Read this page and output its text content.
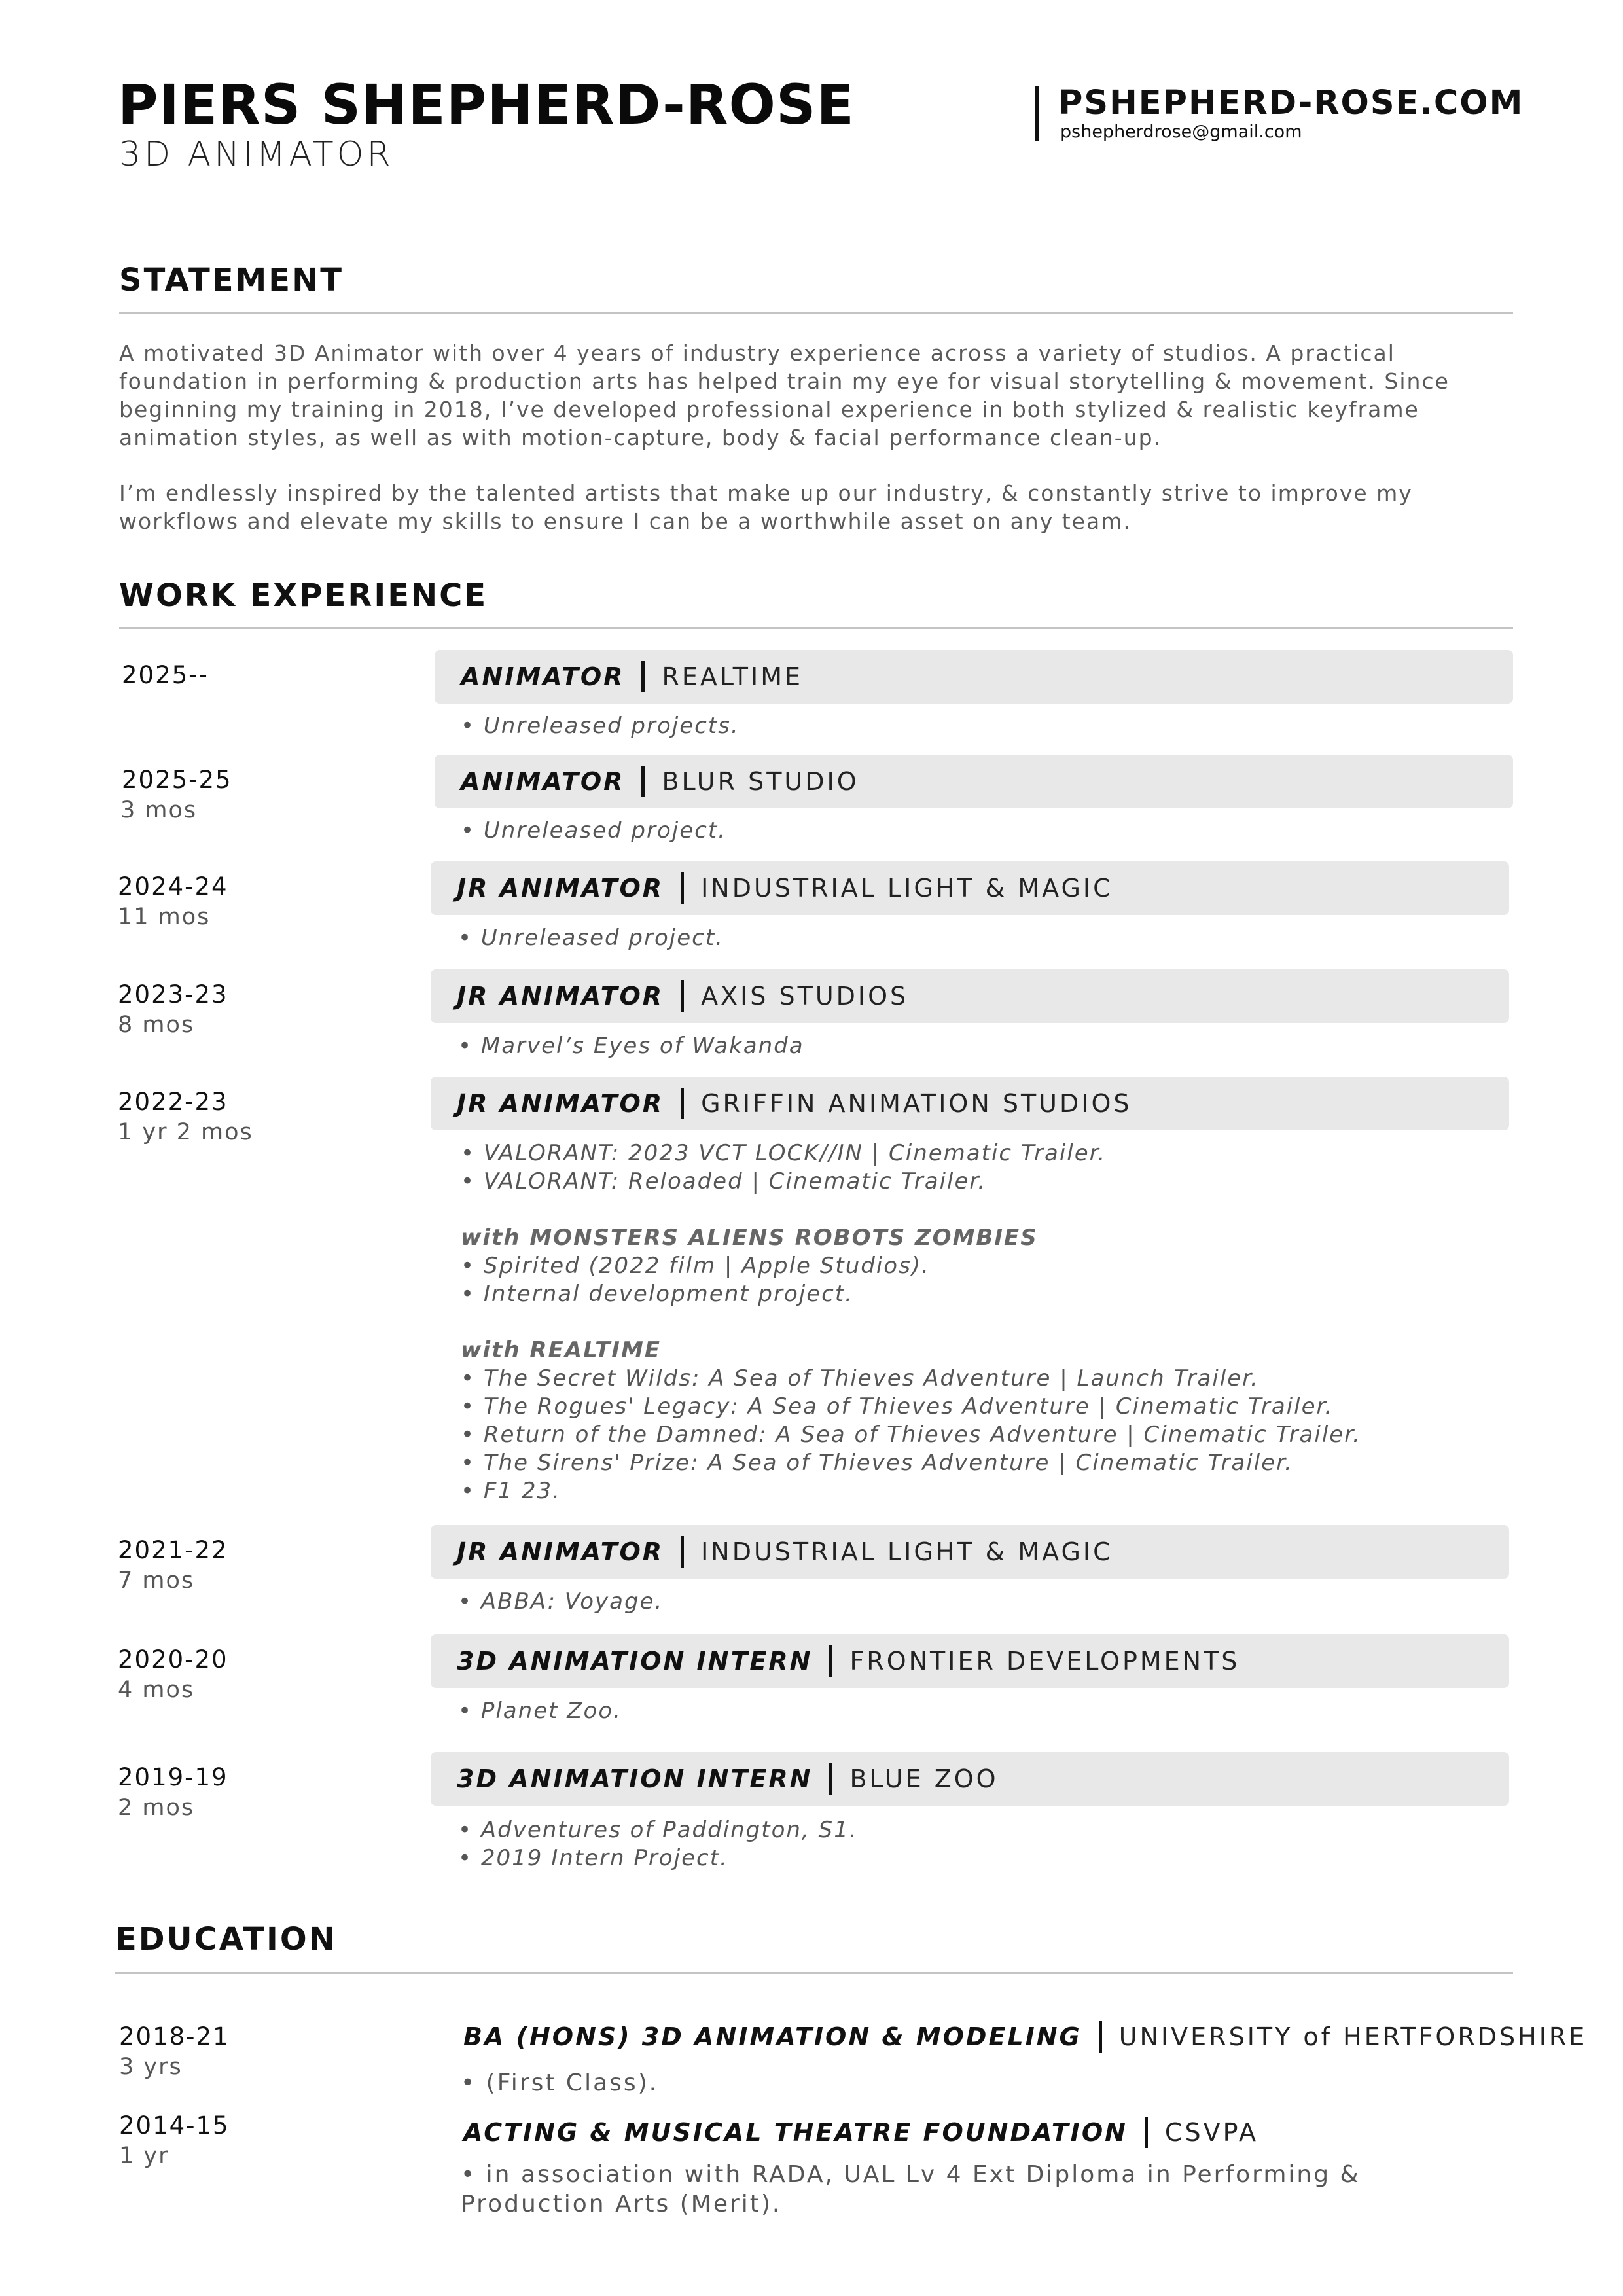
PIERS SHEPHERD-ROSE
3D ANIMATOR
PSHEPHERD-ROSE.COM
pshepherdrose@gmail.com
STATEMENT
A motivated 3D Animator with over 4 years of industry experience across a variety of studios. A practical foundation in performing & production arts has helped train my eye for visual storytelling & movement. Since beginning my training in 2018, I’ve developed professional experience in both stylized & realistic keyframe animation styles, as well as with motion-capture, body & facial performance clean-up.
I’m endlessly inspired by the talented artists that make up our industry, & constantly strive to improve my workflows and elevate my skills to ensure I can be a worthwhile asset on any team.
WORK EXPERIENCE
2025--	ANIMATOR REALTIME
• Unreleased projects.
2025-25
3 mos
ANIMATOR BLUR STUDIO
• Unreleased project.
2024-24
11 mos
JR ANIMATOR INDUSTRIAL LIGHT & MAGIC
• Unreleased project.
2023-23
8 mos
JR ANIMATOR AXIS STUDIOS
• Marvel’s Eyes of Wakanda
2022-23
1 yr 2 mos
JR ANIMATOR GRIFFIN ANIMATION STUDIOS
• VALORANT: 2023 VCT LOCK//IN | Cinematic Trailer.
• VALORANT: Reloaded | Cinematic Trailer.
with MONSTERS ALIENS ROBOTS ZOMBIES
• Spirited (2022 film | Apple Studios).
• Internal development project.
with REALTIME
• The Secret Wilds: A Sea of Thieves Adventure | Launch Trailer.
• The Rogues' Legacy: A Sea of Thieves Adventure | Cinematic Trailer.
• Return of the Damned: A Sea of Thieves Adventure | Cinematic Trailer.
• The Sirens' Prize: A Sea of Thieves Adventure | Cinematic Trailer.
• F1 23.
2021-22
7 mos
JR ANIMATOR INDUSTRIAL LIGHT & MAGIC
• ABBA: Voyage.
2020-20
4 mos
3D ANIMATION INTERN FRONTIER DEVELOPMENTS
• Planet Zoo.
2019-19
2 mos
3D ANIMATION INTERN BLUE ZOO
• Adventures of Paddington, S1.
• 2019 Intern Project.
EDUCATION
2018-21
3 yrs
BA (HONS) 3D ANIMATION & MODELING UNIVERSITY of HERTFORDSHIRE
• (First Class).
2014-15
1 yr
ACTING & MUSICAL THEATRE FOUNDATION CSVPA
• in association with RADA, UAL Lv 4 Ext Diploma in Performing & Production Arts (Merit).
